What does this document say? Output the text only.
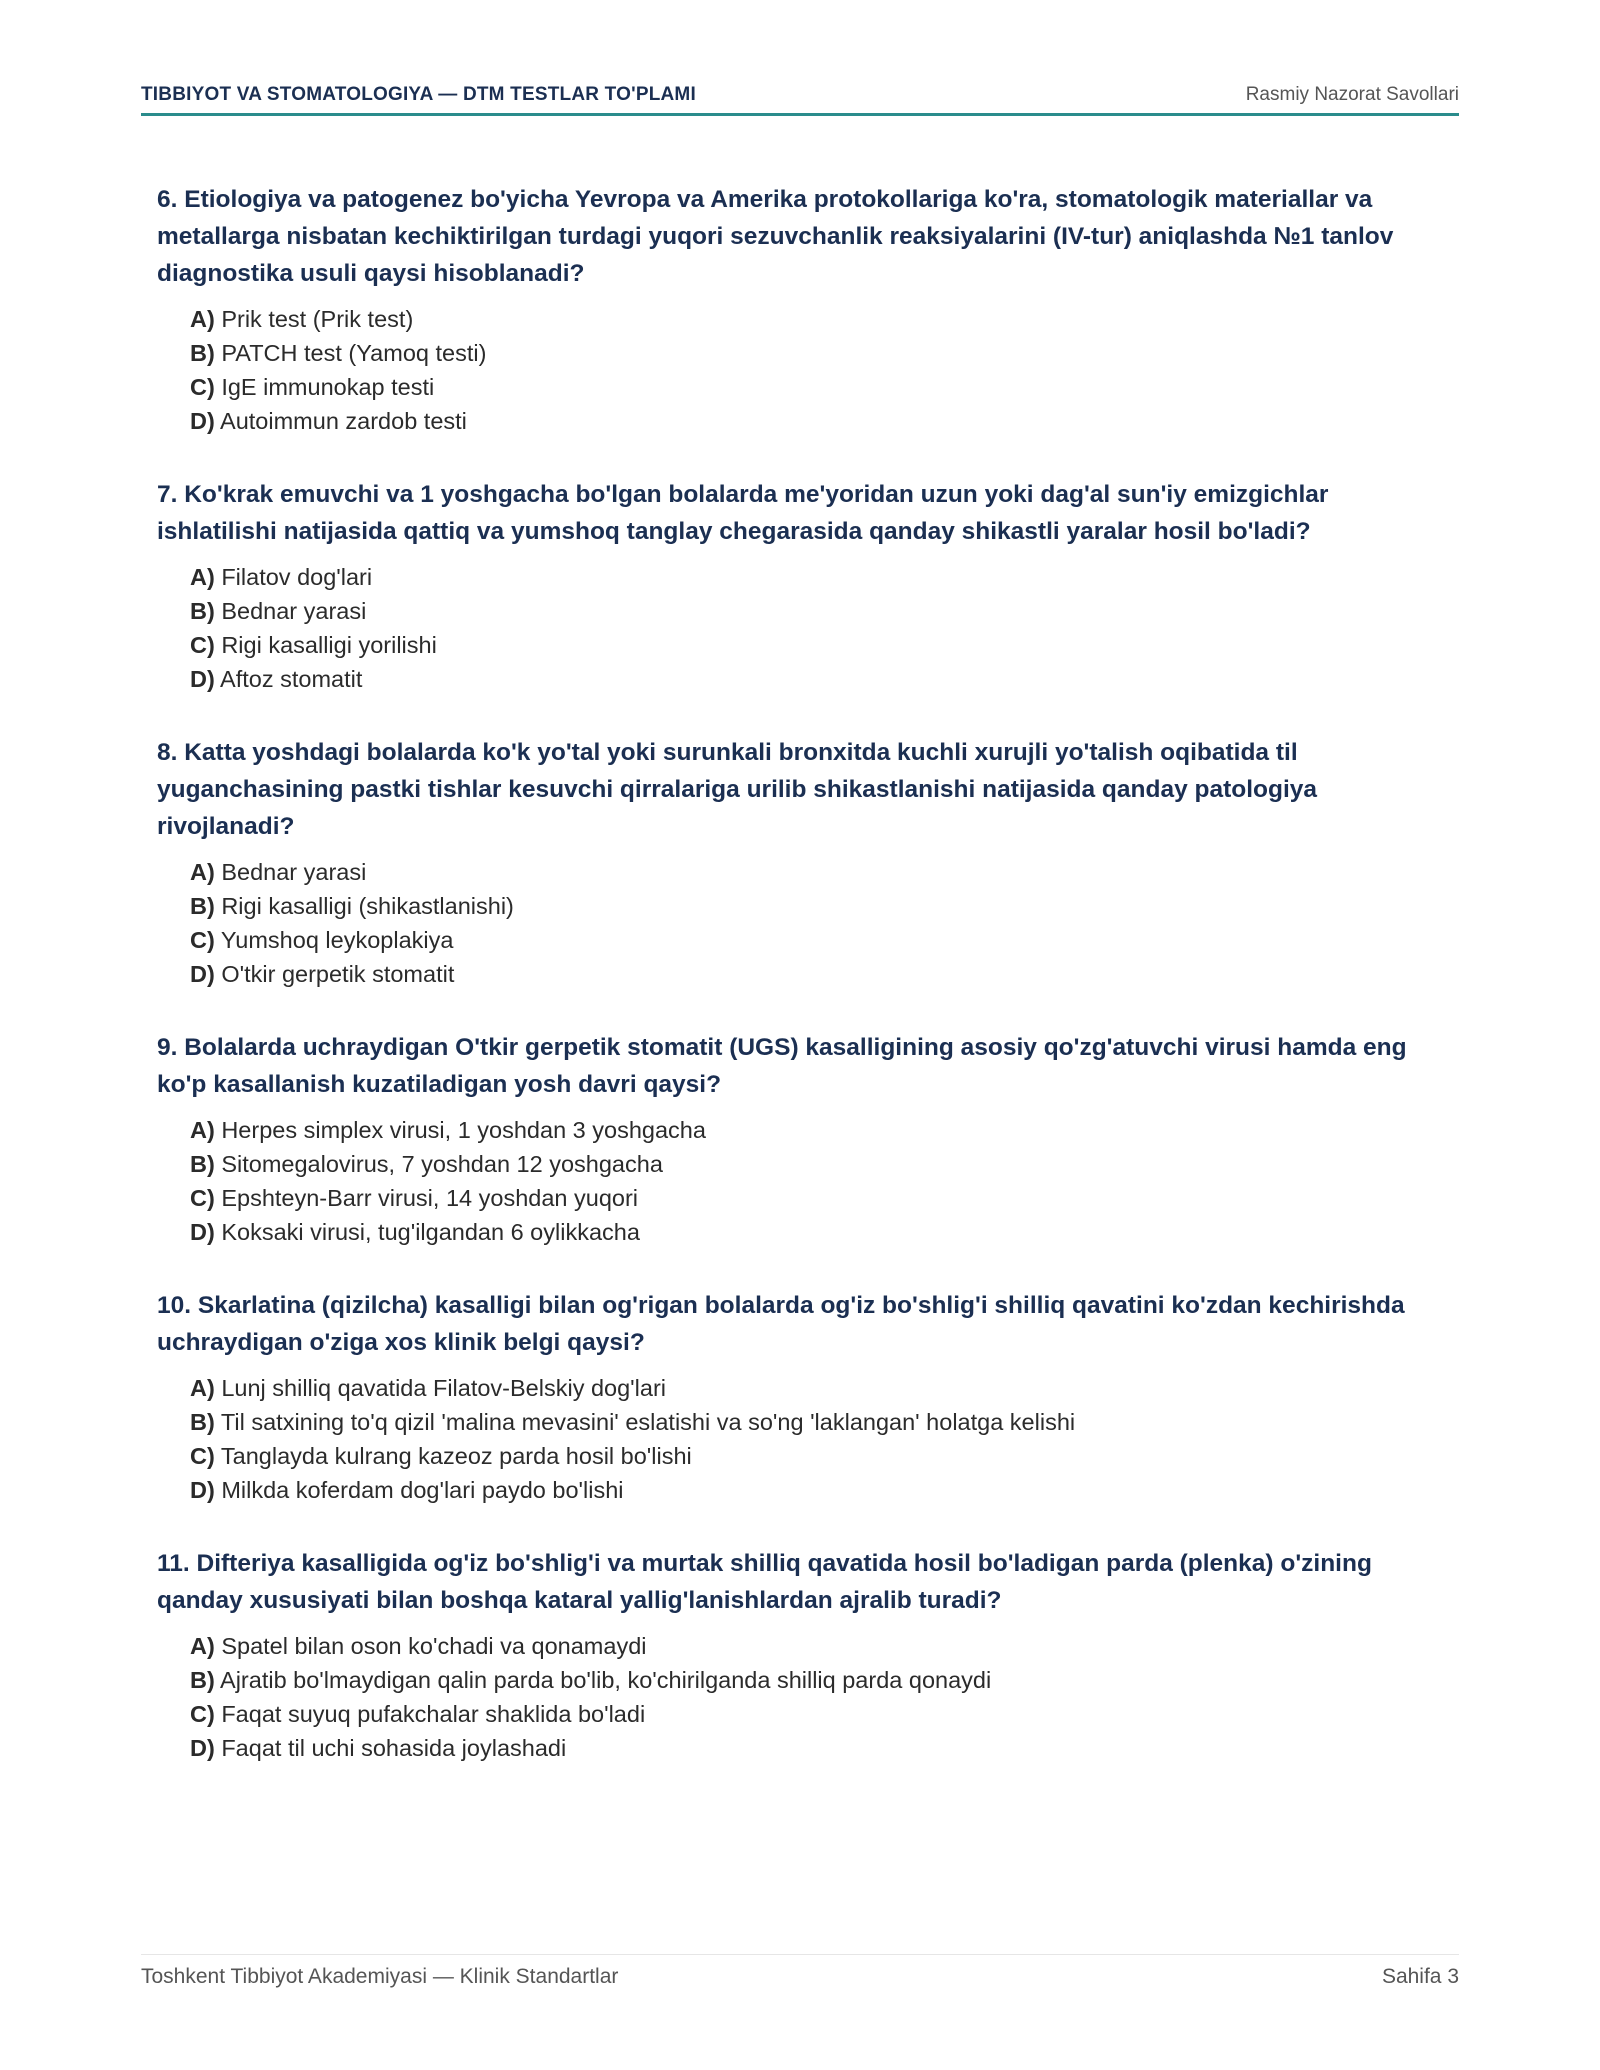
TIBBIYOT VA STOMATOLOGIYA — DTM TESTLAR TO'PLAMI	Rasmiy Nazorat Savollari

6. Etiologiya va patogenez bo'yicha Yevropa va Amerika protokollariga ko'ra, stomatologik materiallar va metallarga nisbatan kechiktirilgan turdagi yuqori sezuvchanlik reaksiyalarini (IV-tur) aniqlashda №1 tanlov diagnostika usuli qaysi hisoblanadi?

A) Prik test (Prik test)
B) PATCH test (Yamoq testi)
C) IgE immunokap testi
D) Autoimmun zardob testi

7. Ko'krak emuvchi va 1 yoshgacha bo'lgan bolalarda me'yoridan uzun yoki dag'al sun'iy emizgichlar ishlatilishi natijasida qattiq va yumshoq tanglay chegarasida qanday shikastli yaralar hosil bo'ladi?

A) Filatov dog'lari
B) Bednar yarasi
C) Rigi kasalligi yorilishi
D) Aftoz stomatit

8. Katta yoshdagi bolalarda ko'k yo'tal yoki surunkali bronxitda kuchli xurujli yo'talish oqibatida til yuganchasining pastki tishlar kesuvchi qirralariga urilib shikastlanishi natijasida qanday patologiya rivojlanadi?

A) Bednar yarasi
B) Rigi kasalligi (shikastlanishi)
C) Yumshoq leykoplakiya
D) O'tkir gerpetik stomatit

9. Bolalarda uchraydigan O'tkir gerpetik stomatit (UGS) kasalligining asosiy qo'zg'atuvchi virusi hamda eng ko'p kasallanish kuzatiladigan yosh davri qaysi?

A) Herpes simplex virusi, 1 yoshdan 3 yoshgacha
B) Sitomegalovirus, 7 yoshdan 12 yoshgacha
C) Epshteyn-Barr virusi, 14 yoshdan yuqori
D) Koksaki virusi, tug'ilgandan 6 oylikkacha

10. Skarlatina (qizilcha) kasalligi bilan og'rigan bolalarda og'iz bo'shlig'i shilliq qavatini ko'zdan kechirishda uchraydigan o'ziga xos klinik belgi qaysi?

A) Lunj shilliq qavatida Filatov-Belskiy dog'lari
B) Til satxining to'q qizil 'malina mevasini' eslatishi va so'ng 'laklangan' holatga kelishi
C) Tanglayda kulrang kazeoz parda hosil bo'lishi
D) Milkda koferdam dog'lari paydo bo'lishi

11. Difteriya kasalligida og'iz bo'shlig'i va murtak shilliq qavatida hosil bo'ladigan parda (plenka) o'zining qanday xususiyati bilan boshqa kataral yallig'lanishlardan ajralib turadi?

A) Spatel bilan oson ko'chadi va qonamaydi
B) Ajratib bo'lmaydigan qalin parda bo'lib, ko'chirilganda shilliq parda qonaydi
C) Faqat suyuq pufakchalar shaklida bo'ladi
D) Faqat til uchi sohasida joylashadi
Toshkent Tibbiyot Akademiyasi — Klinik Standartlar	Sahifa 3
